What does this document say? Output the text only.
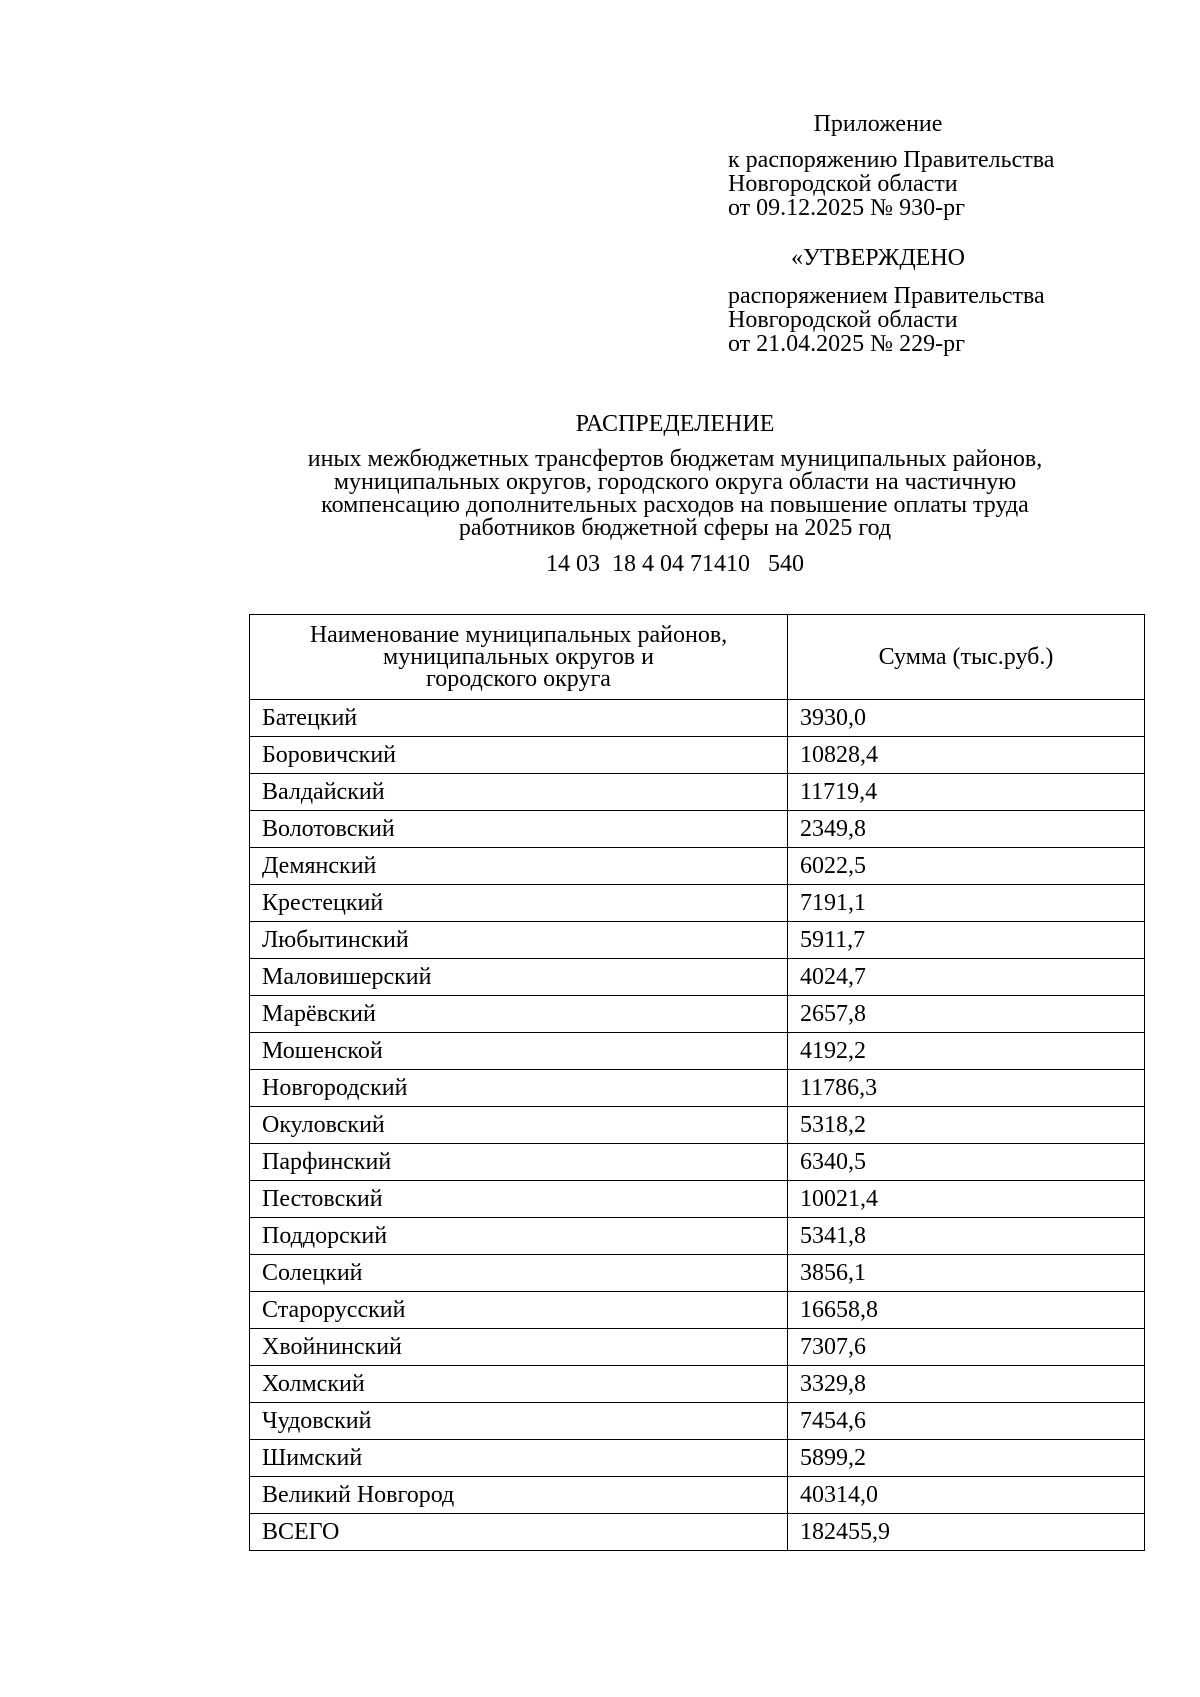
Приложение
к распоряжению Правительства
Новгородской области
от 09.12.2025 № 930-рг
«УТВЕРЖДЕНО
распоряжением Правительства
Новгородской области
от 21.04.2025 № 229-рг
РАСПРЕДЕЛЕНИЕ
иных межбюджетных трансфертов бюджетам муниципальных районов,
муниципальных округов, городского округа области на частичную
компенсацию дополнительных расходов на повышение оплаты труда
работников бюджетной сферы на 2025 год
14 03  18 4 04 71410   540
Наименование муниципальных районов,
муниципальных округов и
городского округа	Сумма (тыс.руб.)
Батецкий	3930,0
Боровичский	10828,4
Валдайский	11719,4
Волотовский	2349,8
Демянский	6022,5
Крестецкий	7191,1
Любытинский	5911,7
Маловишерский	4024,7
Марёвский	2657,8
Мошенской	4192,2
Новгородский	11786,3
Окуловский	5318,2
Парфинский	6340,5
Пестовский	10021,4
Поддорский	5341,8
Солецкий	3856,1
Старорусский	16658,8
Хвойнинский	7307,6
Холмский	3329,8
Чудовский	7454,6
Шимский	5899,2
Великий Новгород	40314,0
ВСЕГО	182455,9
